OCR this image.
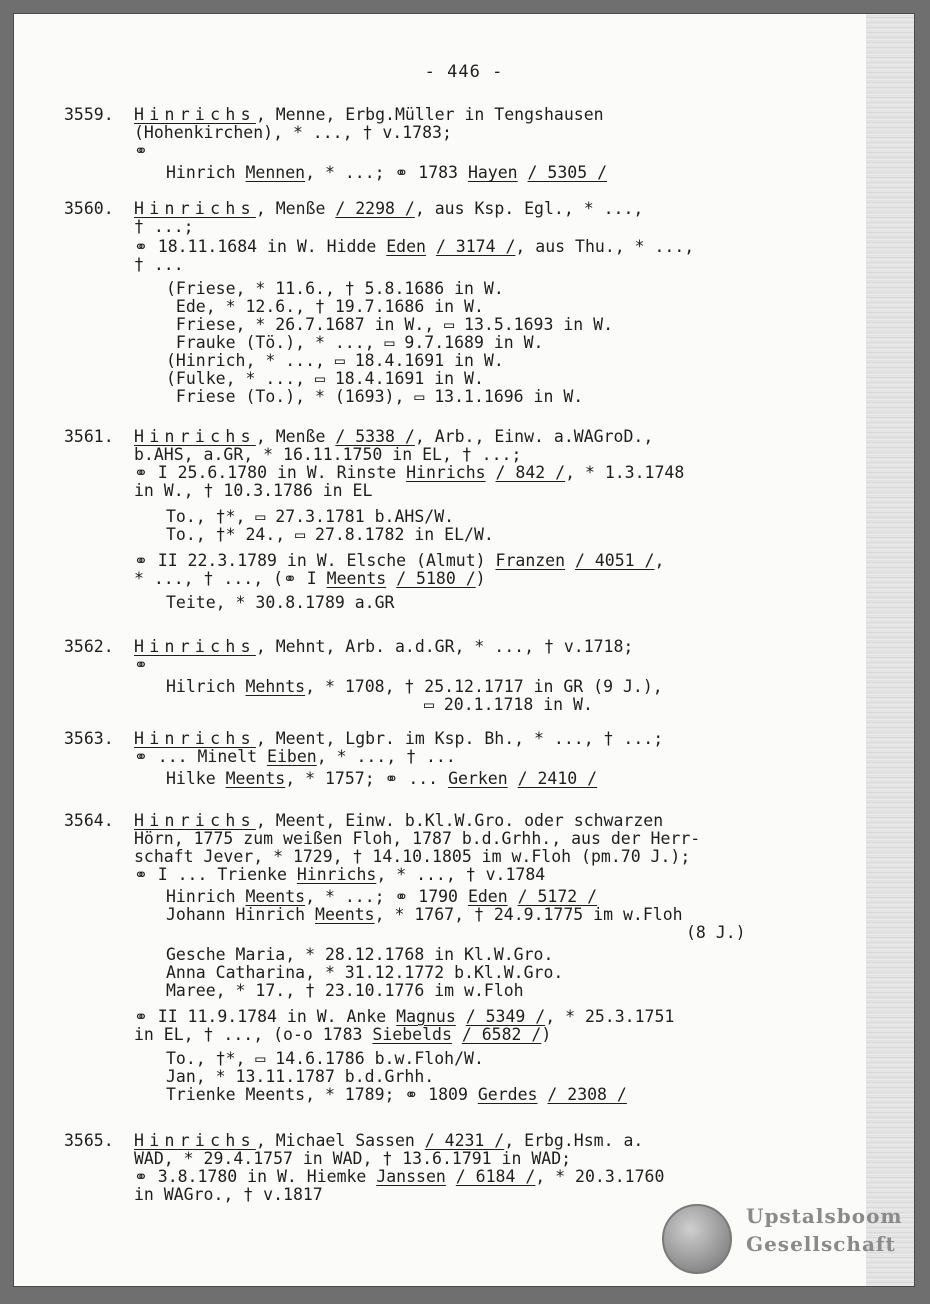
- 446 -
3559. Hinrichs, Menne, Erbg.Müller in Tengshausen
(Hohenkirchen), * ..., † v.1783;
⚭
Hinrich Mennen, * ...; ⚭ 1783 Hayen / 5305 /
3560. Hinrichs, Menße / 2298 /, aus Ksp. Egl., * ...,
† ...;
⚭ 18.11.1684 in W. Hidde Eden / 3174 /, aus Thu., * ...,
† ...
(Friese, * 11.6., † 5.8.1686 in W.
Ede, * 12.6., † 19.7.1686 in W.
Friese, * 26.7.1687 in W., ▭ 13.5.1693 in W.
Frauke (Tö.), * ..., ▭ 9.7.1689 in W.
(Hinrich, * ..., ▭ 18.4.1691 in W.
(Fulke, * ..., ▭ 18.4.1691 in W.
Friese (To.), * (1693), ▭ 13.1.1696 in W.
3561. Hinrichs, Menße / 5338 /, Arb., Einw. a.WAGroD.,
b.AHS, a.GR, * 16.11.1750 in EL, † ...;
⚭ I 25.6.1780 in W. Rinste Hinrichs / 842 /, * 1.3.1748
in W., † 10.3.1786 in EL
To., †*, ▭ 27.3.1781 b.AHS/W.
To., †* 24., ▭ 27.8.1782 in EL/W.
⚭ II 22.3.1789 in W. Elsche (Almut) Franzen / 4051 /,
* ..., † ..., (⚭ I Meents / 5180 /)
Teite, * 30.8.1789 a.GR
3562. Hinrichs, Mehnt, Arb. a.d.GR, * ..., † v.1718;
⚭
Hilrich Mehnts, * 1708, † 25.12.1717 in GR (9 J.),
▭ 20.1.1718 in W.
3563. Hinrichs, Meent, Lgbr. im Ksp. Bh., * ..., † ...;
⚭ ... Minelt Eiben, * ..., † ...
Hilke Meents, * 1757; ⚭ ... Gerken / 2410 /
3564. Hinrichs, Meent, Einw. b.Kl.W.Gro. oder schwarzen
Hörn, 1775 zum weißen Floh, 1787 b.d.Grhh., aus der Herr-
schaft Jever, * 1729, † 14.10.1805 im w.Floh (pm.70 J.);
⚭ I ... Trienke Hinrichs, * ..., † v.1784
Hinrich Meents, * ...; ⚭ 1790 Eden / 5172 /
Johann Hinrich Meents, * 1767, † 24.9.1775 im w.Floh
(8 J.)
Gesche Maria, * 28.12.1768 in Kl.W.Gro.
Anna Catharina, * 31.12.1772 b.Kl.W.Gro.
Maree, * 17., † 23.10.1776 im w.Floh
⚭ II 11.9.1784 in W. Anke Magnus / 5349 /, * 25.3.1751
in EL, † ..., (o-o 1783 Siebelds / 6582 /)
To., †*, ▭ 14.6.1786 b.w.Floh/W.
Jan, * 13.11.1787 b.d.Grhh.
Trienke Meents, * 1789; ⚭ 1809 Gerdes / 2308 /
3565. Hinrichs, Michael Sassen / 4231 /, Erbg.Hsm. a.
WAD, * 29.4.1757 in WAD, † 13.6.1791 in WAD;
⚭ 3.8.1780 in W. Hiemke Janssen / 6184 /, * 20.3.1760
in WAGro., † v.1817
Upstalsboom
Gesellschaft
